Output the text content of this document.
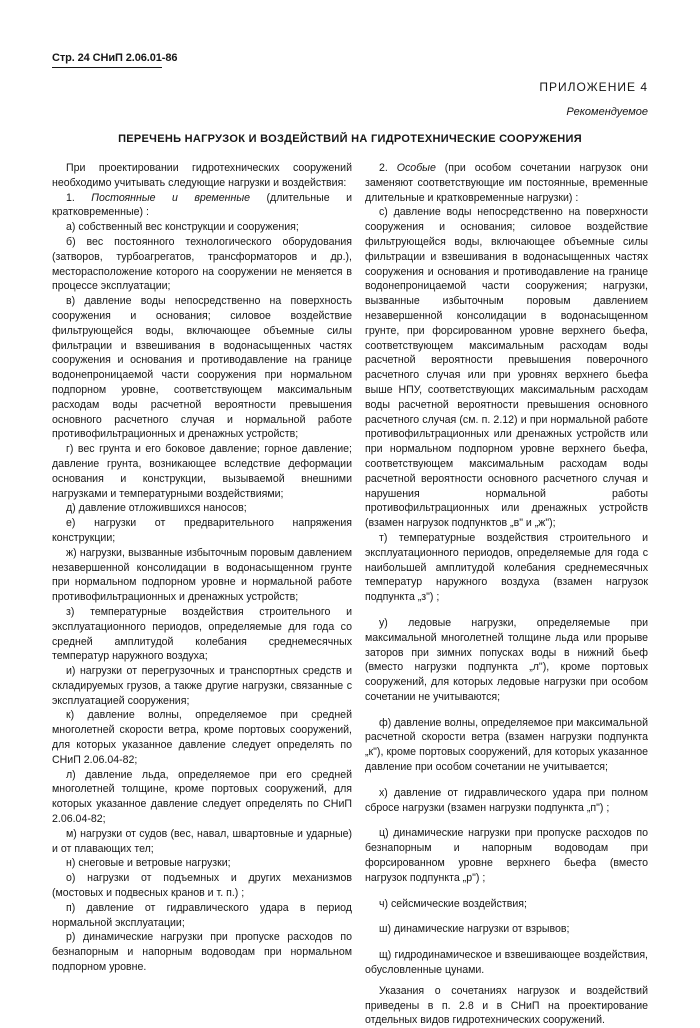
Стр. 24 СНиП 2.06.01-86
ПРИЛОЖЕНИЕ 4
Рекомендуемое
ПЕРЕЧЕНЬ НАГРУЗОК И ВОЗДЕЙСТВИЙ НА ГИДРОТЕХНИЧЕСКИЕ СООРУЖЕНИЯ

При проектировании гидротехнических сооружений необходимо учитывать следующие нагрузки и воздействия:

1. Постоянные и временные (длительные и кратковременные) :

а) собственный вес конструкции и сооружения;

б) вес постоянного технологического оборудования (затворов, турбоагрегатов, трансформаторов и др.), месторасположение которого на сооружении не меняется в процессе эксплуатации;

в) давление воды непосредственно на поверхность сооружения и основания; силовое воздействие фильтрующейся воды, включающее объемные силы фильтрации и взвешивания в водонасыщенных частях сооружения и основания и противодавление на границе водонепроницаемой части сооружения при нормальном подпорном уровне, соответствующем максимальным расходам воды расчетной вероятности превышения основного расчетного случая и нормальной работе противофильтрационных и дренажных устройств;

г) вес грунта и его боковое давление; горное давление; давление грунта, возникающее вследствие деформации основания и конструкции, вызываемой внешними нагрузками и температурными воздействиями;

д) давление отложившихся наносов;

е) нагрузки от предварительного напряжения конструкции;

ж) нагрузки, вызванные избыточным поровым давлением незавершенной консолидации в водонасыщенном грунте при нормальном подпорном уровне и нормальной работе противофильтрационных и дренажных устройств;

з) температурные воздействия строительного и эксплуатационного периодов, определяемые для года со средней амплитудой колебания среднемесячных температур наружного воздуха;

и) нагрузки от перегрузочных и транспортных средств и складируемых грузов, а также другие нагрузки, связанные с эксплуатацией сооружения;

к) давление волны, определяемое при средней многолетней скорости ветра, кроме портовых сооружений, для которых указанное давление следует определять по СНиП 2.06.04-82;

л) давление льда, определяемое при его средней многолетней толщине, кроме портовых сооружений, для которых указанное давление следует определять по СНиП 2.06.04-82;

м) нагрузки от судов (вес, навал, швартовные и ударные) и от плавающих тел;

н) снеговые и ветровые нагрузки;

о) нагрузки от подъемных и других механизмов (мостовых и подвесных кранов и т. п.) ;

п) давление от гидравлического удара в период нормальной эксплуатации;

р) динамические нагрузки при пропуске расходов по безнапорным и напорным водоводам при нормальном подпорном уровне.

2. Особые (при особом сочетании нагрузок они заменяют соответствующие им постоянные, временные длительные и кратковременные нагрузки) :

с) давление воды непосредственно на поверхности сооружения и основания; силовое воздействие фильтрующейся воды, включающее объемные силы фильтрации и взвешивания в водонасыщенных частях сооружения и основания и противодавление на границе водонепроницаемой части сооружения; нагрузки, вызванные избыточным поровым давлением незавершенной консолидации в водонасыщенном грунте, при форсированном уровне верхнего бьефа, соответствующем максимальным расходам воды расчетной вероятности превышения поверочного расчетного случая или при уровнях верхнего бьефа выше НПУ, соответствующих максимальным расходам воды расчетной вероятности превышения основного расчетного случая (см. п. 2.12) и при нормальной работе противофильтрационных или дренажных устройств или при нормальном подпорном уровне верхнего бьефа, соответствующем максимальным расходам воды расчетной вероятности основного расчетного случая и нарушения нормальной работы противофильтрационных или дренажных устройств (взамен нагрузок подпунктов „в" и „ж");

т) температурные воздействия строительного и эксплуатационного периодов, определяемые для года с наибольшей амплитудой колебания среднемесячных температур наружного воздуха (взамен нагрузок подпункта „з") ;

у) ледовые нагрузки, определяемые при максимальной многолетней толщине льда или прорыве заторов при зимних попусках воды в нижний бьеф (вместо нагрузки подпункта „л"), кроме портовых сооружений, для которых ледовые нагрузки при особом сочетании не учитываются;

ф) давление волны, определяемое при максимальной расчетной скорости ветра (взамен нагрузки подпункта „к"), кроме портовых сооружений, для которых указанное давление при особом сочетании не учитывается;

х) давление от гидравлического удара при полном сбросе нагрузки (взамен нагрузки подпункта „п") ;

ц) динамические нагрузки при пропуске расходов по безнапорным и напорным водоводам при форсированном уровне верхнего бьефа (вместо нагрузок подпункта „р") ;

ч) сейсмические воздействия;

ш) динамические нагрузки от взрывов;

щ) гидродинамическое и взвешивающее воздействия, обусловленные цунами.

Указания о сочетаниях нагрузок и воздействий приведены в п. 2.8 и в СНиП на проектирование отдельных видов гидротехнических сооружений.
